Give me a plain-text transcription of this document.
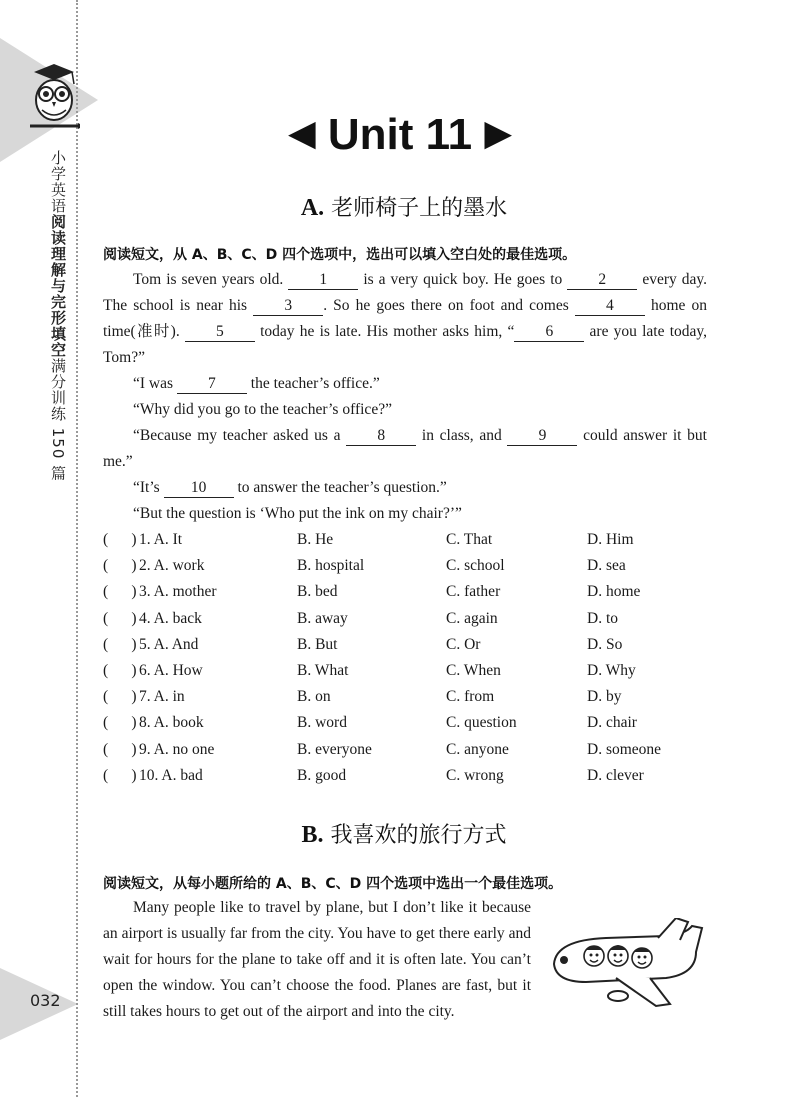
小学英语阅读理解与完形填空满分训练 150 篇
032
◀ Unit 11 ▶
A. 老师椅子上的墨水
阅读短文，从 A、B、C、D 四个选项中，选出可以填入空白处的最佳选项。

Tom is seven years old. 1 is a very quick boy. He goes to 2 every day. The school is near his 3 . So he goes there on foot and comes 4 home on time(准时). 5 today he is late. His mother asks him, “ 6 are you late today, Tom?”

“I was 7 the teacher’s office.”

“Why did you go to the teacher’s office?”

“Because my teacher asked us a 8 in class, and 9 could answer it but me.”

“It’s 10 to answer the teacher’s question.”

“But the question is ‘Who put the ink on my chair?’”

(      ) 1. A. It	B. He	C. That	D. Him
(      ) 2. A. work	B. hospital	C. school	D. sea
(      ) 3. A. mother	B. bed	C. father	D. home
(      ) 4. A. back	B. away	C. again	D. to
(      ) 5. A. And	B. But	C. Or	D. So
(      ) 6. A. How	B. What	C. When	D. Why
(      ) 7. A. in	B. on	C. from	D. by
(      ) 8. A. book	B. word	C. question	D. chair
(      ) 9. A. no one	B. everyone	C. anyone	D. someone
(      ) 10. A. bad	B. good	C. wrong	D. clever
B. 我喜欢的旅行方式
阅读短文，从每小题所给的 A、B、C、D 四个选项中选出一个最佳选项。

Many people like to travel by plane, but I don’t like it because an airport is usually far from the city. You have to get there early and wait for hours for the plane to take off and it is often late. You can’t open the window. You can’t choose the food. Planes are fast, but it still takes hours to get out of the airport and into the city.
